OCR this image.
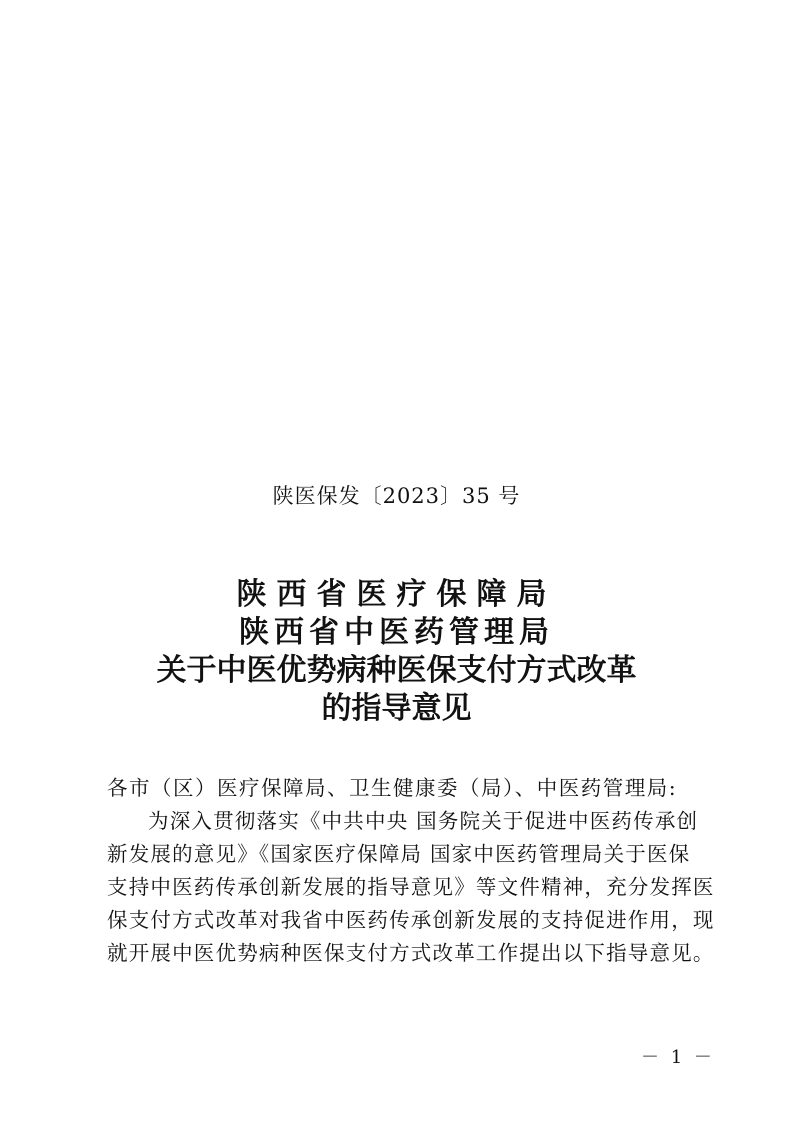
陕医保发〔2023〕35 号
陕西省医疗保障局
陕西省中医药管理局
关于中医优势病种医保支付方式改革
的指导意见
各市（区）医疗保障局、卫生健康委（局）、中医药管理局:
为深入贯彻落实《中共中央 国务院关于促进中医药传承创
新发展的意见》《国家医疗保障局 国家中医药管理局关于医保
支持中医药传承创新发展的指导意见》等文件精神，充分发挥医
保支付方式改革对我省中医药传承创新发展的支持促进作用，现
就开展中医优势病种医保支付方式改革工作提出以下指导意见。
－ 1 －
